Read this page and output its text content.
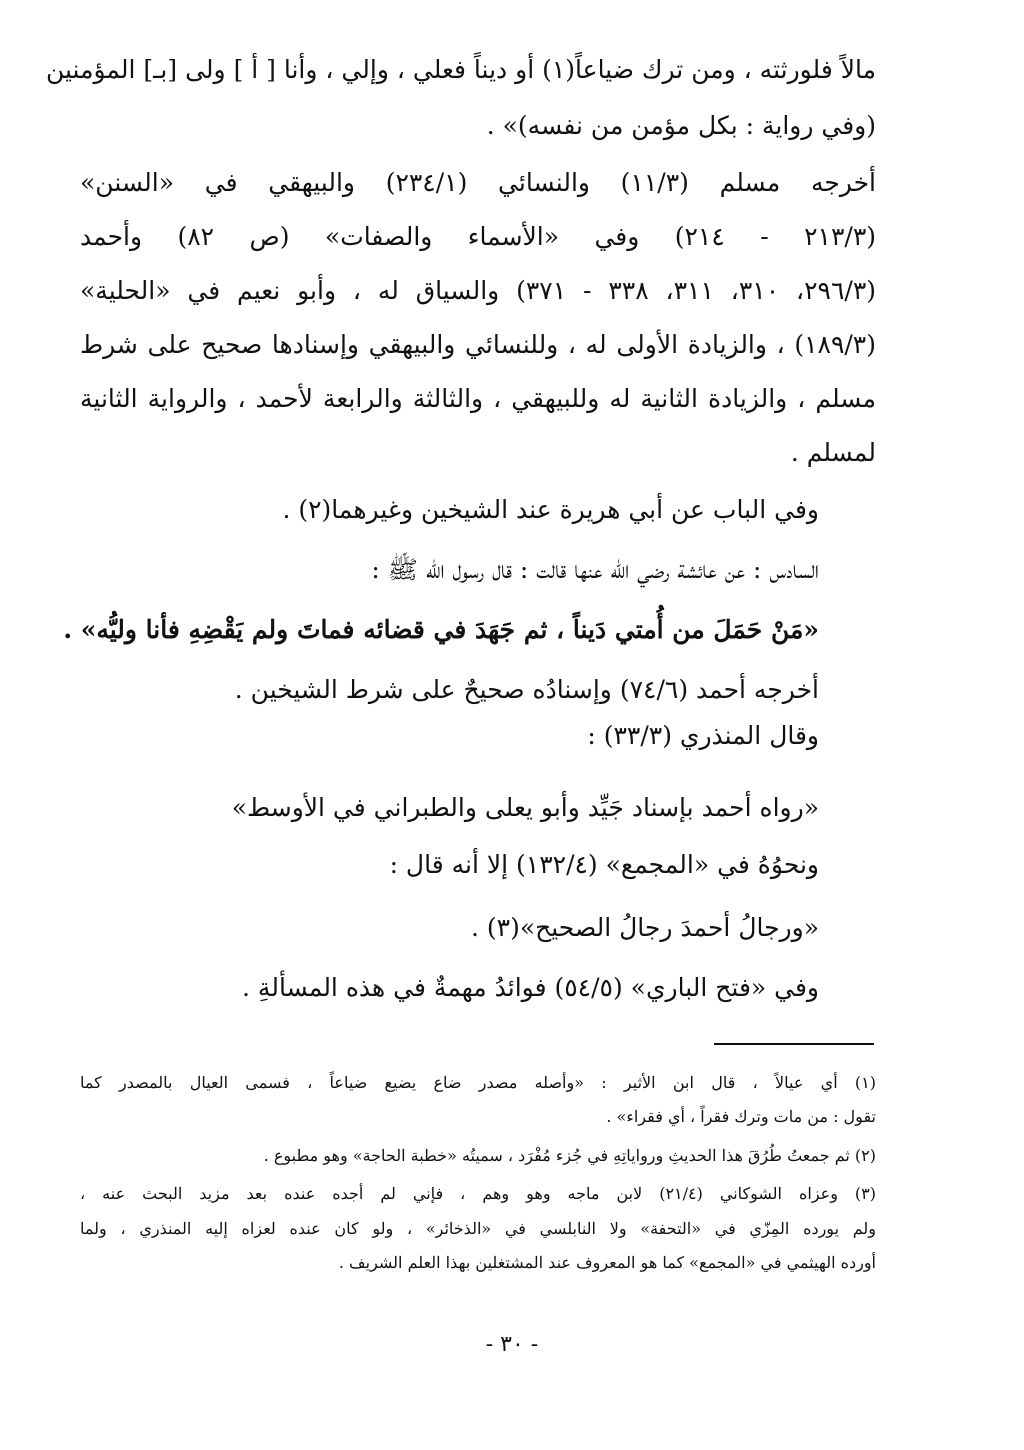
مالاً فلورثته ، ومن ترك ضياعاً(١) أو ديناً فعلي ، وإلي ، وأنا [ أ ] ولى [بـ] المؤمنين
(وفي رواية : بكل مؤمن من نفسه)» .
أخرجه مسلم (١١/٣) والنسائي (٢٣٤/١) والبيهقي في «السنن»
(٢١٣/٣ - ٢١٤) وفي «الأسماء والصفات» (ص ٨٢) وأحمد
(٢٩٦/٣، ٣١٠، ٣١١، ٣٣٨ - ٣٧١) والسياق له ، وأبو نعيم في «الحلية»
(١٨٩/٣) ، والزيادة الأولى له ، وللنسائي والبيهقي وإسنادها صحيح على شرط
مسلم ، والزيادة الثانية له وللبيهقي ، والثالثة والرابعة لأحمد ، والرواية الثانية
لمسلم .
وفي الباب عن أبي هريرة عند الشيخين وغيرهما(٢) .
السادس : عن عائشة رضي الله عنها قالت : قال رسول الله ﷺ :
«مَنْ حَمَلَ من أُمتي دَيناً ، ثم جَهَدَ في قضائه فماتَ ولم يَقْضِهِ فأنا وليُّه» .
أخرجه أحمد (٧٤/٦) وإسنادُه صحيحٌ على شرط الشيخين .
وقال المنذري (٣٣/٣) :
«رواه أحمد بإسناد جَيِّد وأبو يعلى والطبراني في الأوسط»
ونحوُهُ في «المجمع» (١٣٢/٤) إلا أنه قال :
«ورجالُ أحمدَ رجالُ الصحيح»(٣) .
وفي «فتح الباري» (٥٤/٥) فوائدُ مهمةٌ في هذه المسألةِ .
(١) أي عيالاً ، قال ابن الأثير : «وأصله مصدر ضاع يضيع ضياعاً ، فسمى العيال بالمصدر كما
تقول : من مات وترك فقراً ، أي فقراء» .
(٢) ثم جمعتُ طُرُقَ هذا الحديثِ ورواياتِهِ في جُزء مُفْرَد ، سميتُه «خطبة الحاجة» وهو مطبوع .
(٣) وعزاه الشوكاني (٢١/٤) لابن ماجه وهو وهم ، فإني لم أجده عنده بعد مزيد البحث عنه ،
ولم يورده المِزّي في «التحفة» ولا النابلسي في «الذخائر» ، ولو كان عنده لعزاه إليه المنذري ، ولما
أورده الهيثمي في «المجمع» كما هو المعروف عند المشتغلين بهذا العلم الشريف .
- ٣٠ -
